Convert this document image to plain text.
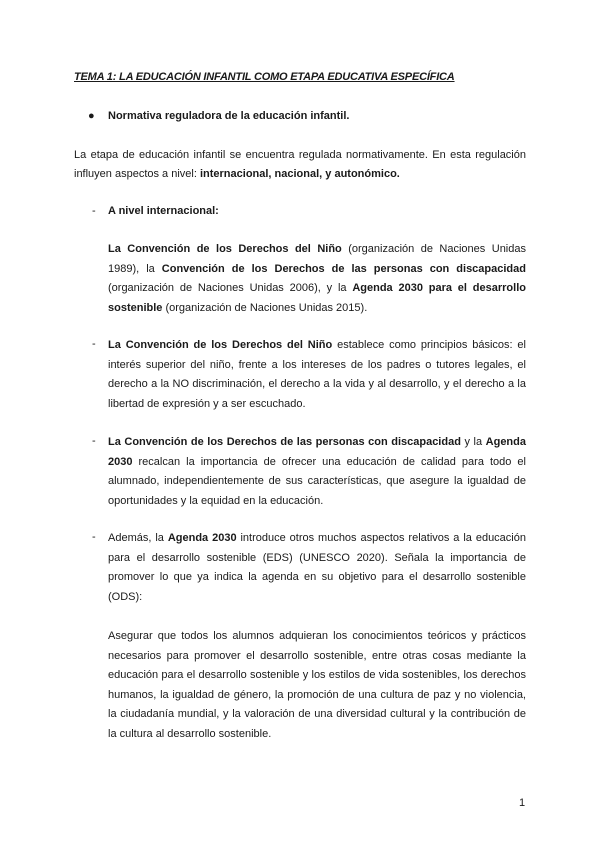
TEMA 1: LA EDUCACIÓN INFANTIL COMO ETAPA EDUCATIVA ESPECÍFICA
● Normativa reguladora de la educación infantil.

La etapa de educación infantil se encuentra regulada normativamente. En esta regulación influyen aspectos a nivel: internacional, nacional, y autonómico.

- A nivel internacional:

La Convención de los Derechos del Niño (organización de Naciones Unidas 1989), la Convención de los Derechos de las personas con discapacidad (organización de Naciones Unidas 2006), y la Agenda 2030 para el desarrollo sostenible (organización de Naciones Unidas 2015).

- La Convención de los Derechos del Niño establece como principios básicos: el interés superior del niño, frente a los intereses de los padres o tutores legales, el derecho a la NO discriminación, el derecho a la vida y al desarrollo, y el derecho a la libertad de expresión y a ser escuchado.

- La Convención de los Derechos de las personas con discapacidad y la Agenda 2030 recalcan la importancia de ofrecer una educación de calidad para todo el alumnado, independientemente de sus características, que asegure la igualdad de oportunidades y la equidad en la educación.

- Además, la Agenda 2030 introduce otros muchos aspectos relativos a la educación para el desarrollo sostenible (EDS) (UNESCO 2020). Señala la importancia de promover lo que ya indica la agenda en su objetivo para el desarrollo sostenible (ODS):

Asegurar que todos los alumnos adquieran los conocimientos teóricos y prácticos necesarios para promover el desarrollo sostenible, entre otras cosas mediante la educación para el desarrollo sostenible y los estilos de vida sostenibles, los derechos humanos, la igualdad de género, la promoción de una cultura de paz y no violencia, la ciudadanía mundial, y la valoración de una diversidad cultural y la contribución de la cultura al desarrollo sostenible.

1
